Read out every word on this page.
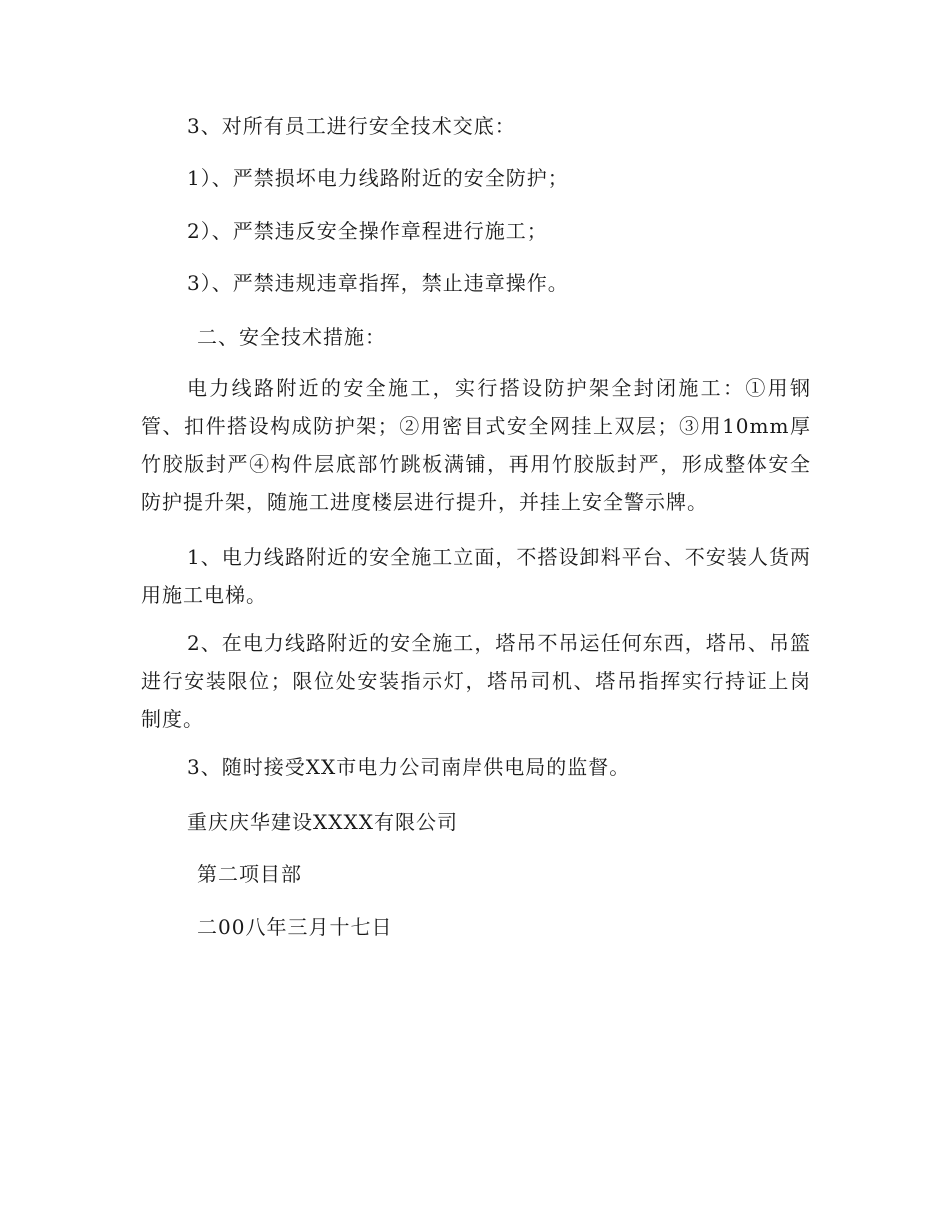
3、对所有员工进行安全技术交底：
1）、严禁损坏电力线路附近的安全防护；
2）、严禁违反安全操作章程进行施工；
3）、严禁违规违章指挥，禁止违章操作。
二、安全技术措施：
电力线路附近的安全施工，实行搭设防护架全封闭施工：①用钢管、扣件搭设构成防护架；②用密目式安全网挂上双层；③用10mm厚竹胶版封严④构件层底部竹跳板满铺，再用竹胶版封严，形成整体安全防护提升架，随施工进度楼层进行提升，并挂上安全警示牌。
1、电力线路附近的安全施工立面，不搭设卸料平台、不安装人货两用施工电梯。
2、在电力线路附近的安全施工，塔吊不吊运任何东西，塔吊、吊篮进行安装限位；限位处安装指示灯，塔吊司机、塔吊指挥实行持证上岗制度。
3、随时接受XX市电力公司南岸供电局的监督。
重庆庆华建设XXXX有限公司
第二项目部
二00八年三月十七日
